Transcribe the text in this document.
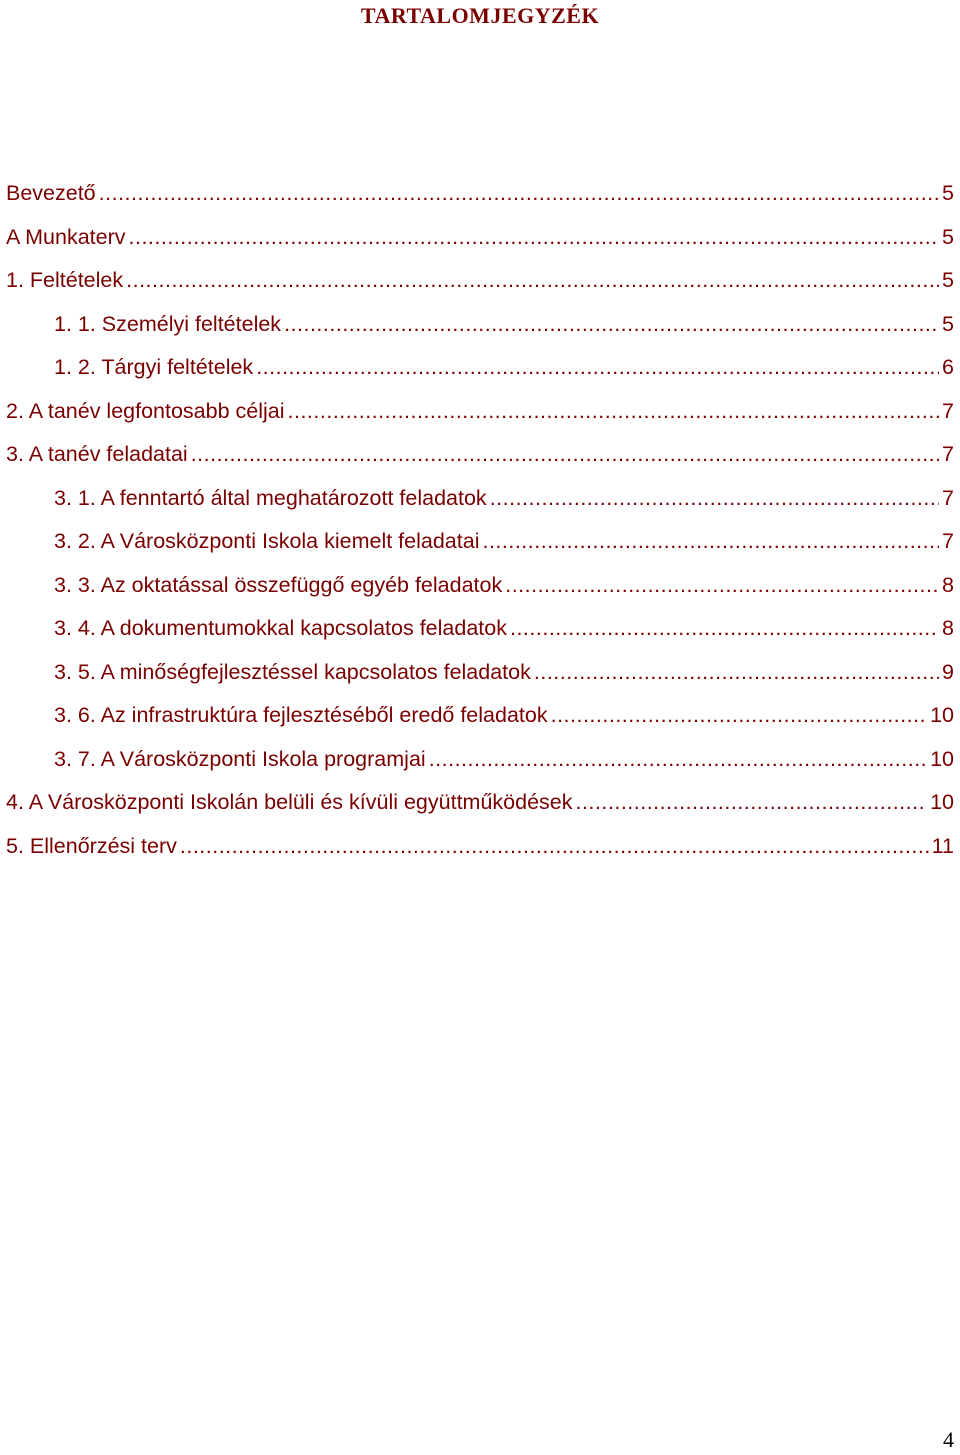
TARTALOMJEGYZÉK
Bevezető .....	5
A Munkaterv .....	5
1. Feltételek .....	5
1. 1. Személyi feltételek .....	5
1. 2. Tárgyi feltételek .....	6
2. A tanév legfontosabb céljai .....	7
3. A tanév feladatai .....	7
3. 1. A fenntartó által meghatározott feladatok .....	7
3. 2. A Városközponti Iskola kiemelt feladatai .....	7
3. 3. Az oktatással összefüggő egyéb feladatok .....	8
3. 4. A dokumentumokkal kapcsolatos feladatok .....	8
3. 5. A minőségfejlesztéssel kapcsolatos feladatok .....	9
3. 6. Az infrastruktúra fejlesztéséből eredő feladatok .....	10
3. 7. A Városközponti Iskola programjai .....	10
4. A Városközponti Iskolán belüli és kívüli együttműködések .....	10
5. Ellenőrzési terv .....	11
4
